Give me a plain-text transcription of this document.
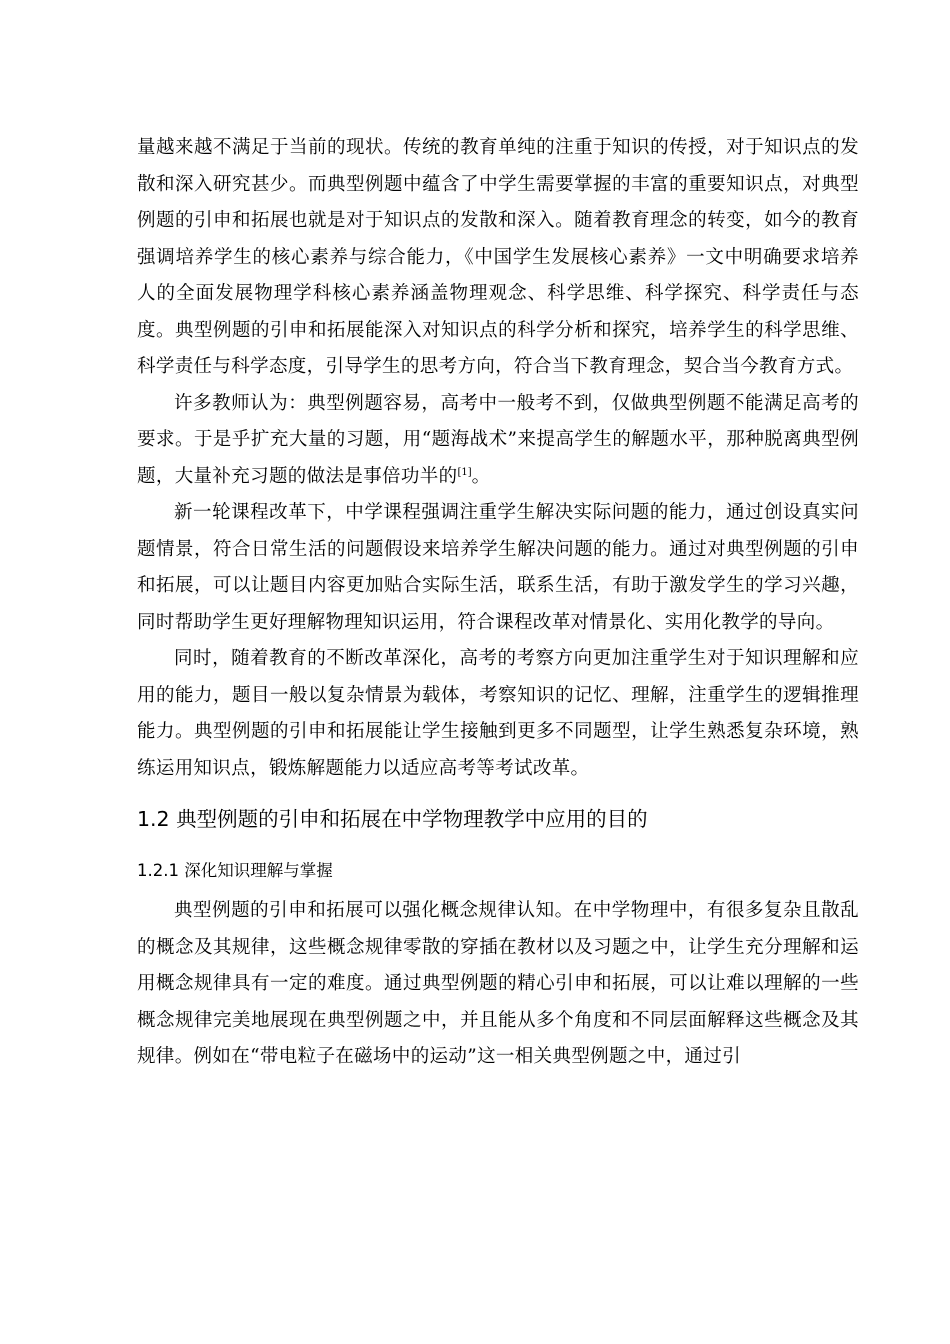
量越来越不满足于当前的现状。传统的教育单纯的注重于知识的传授，对于知识点的发散和深入研究甚少。而典型例题中蕴含了中学生需要掌握的丰富的重要知识点，对典型例题的引申和拓展也就是对于知识点的发散和深入。随着教育理念的转变，如今的教育强调培养学生的核心素养与综合能力，《中国学生发展核心素养》一文中明确要求培养人的全面发展物理学科核心素养涵盖物理观念、科学思维、科学探究、科学责任与态度。典型例题的引申和拓展能深入对知识点的科学分析和探究，培养学生的科学思维、科学责任与科学态度，引导学生的思考方向，符合当下教育理念，契合当今教育方式。

许多教师认为：典型例题容易，高考中一般考不到，仅做典型例题不能满足高考的要求。于是乎扩充大量的习题，用“题海战术”来提高学生的解题水平，那种脱离典型例题，大量补充习题的做法是事倍功半的[1]。

新一轮课程改革下，中学课程强调注重学生解决实际问题的能力，通过创设真实问题情景，符合日常生活的问题假设来培养学生解决问题的能力。通过对典型例题的引申和拓展，可以让题目内容更加贴合实际生活，联系生活，有助于激发学生的学习兴趣，同时帮助学生更好理解物理知识运用，符合课程改革对情景化、实用化教学的导向。

同时，随着教育的不断改革深化，高考的考察方向更加注重学生对于知识理解和应用的能力，题目一般以复杂情景为载体，考察知识的记忆、理解，注重学生的逻辑推理能力。典型例题的引申和拓展能让学生接触到更多不同题型，让学生熟悉复杂环境，熟练运用知识点，锻炼解题能力以适应高考等考试改革。

1.2 典型例题的引申和拓展在中学物理教学中应用的目的
1.2.1 深化知识理解与掌握

典型例题的引申和拓展可以强化概念规律认知。在中学物理中，有很多复杂且散乱的概念及其规律，这些概念规律零散的穿插在教材以及习题之中，让学生充分理解和运用概念规律具有一定的难度。通过典型例题的精心引申和拓展，可以让难以理解的一些概念规律完美地展现在典型例题之中，并且能从多个角度和不同层面解释这些概念及其规律。例如在“带电粒子在磁场中的运动”这一相关典型例题之中，通过引
